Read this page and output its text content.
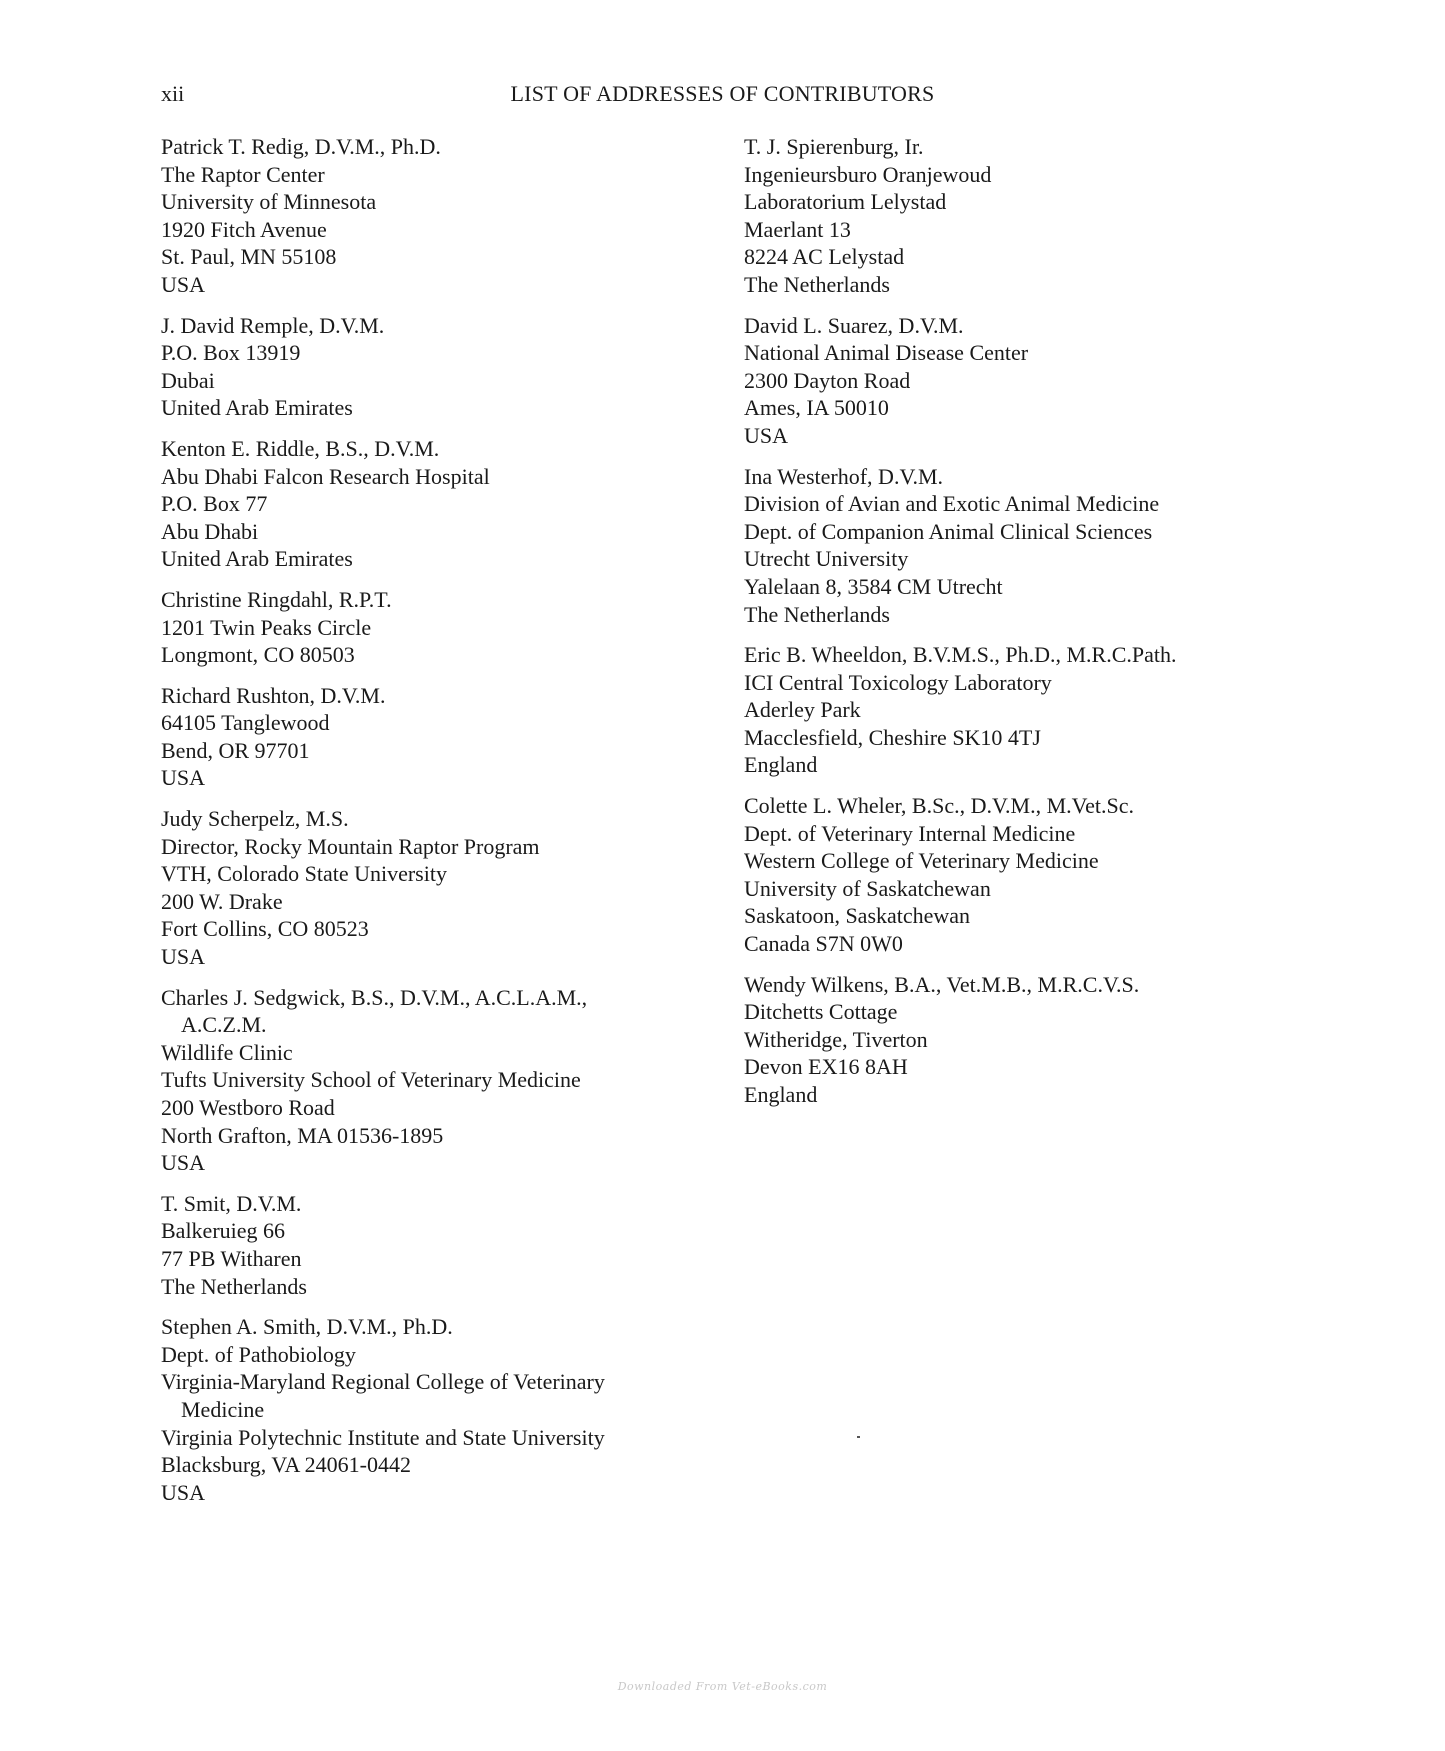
xii	LIST OF ADDRESSES OF CONTRIBUTORS
Patrick T. Redig, D.V.M., Ph.D.
The Raptor Center
University of Minnesota
1920 Fitch Avenue
St. Paul, MN 55108
USA
J. David Remple, D.V.M.
P.O. Box 13919
Dubai
United Arab Emirates
Kenton E. Riddle, B.S., D.V.M.
Abu Dhabi Falcon Research Hospital
P.O. Box 77
Abu Dhabi
United Arab Emirates
Christine Ringdahl, R.P.T.
1201 Twin Peaks Circle
Longmont, CO 80503
Richard Rushton, D.V.M.
64105 Tanglewood
Bend, OR 97701
USA
Judy Scherpelz, M.S.
Director, Rocky Mountain Raptor Program
VTH, Colorado State University
200 W. Drake
Fort Collins, CO 80523
USA
Charles J. Sedgwick, B.S., D.V.M., A.C.L.A.M.,
A.C.Z.M.
Wildlife Clinic
Tufts University School of Veterinary Medicine
200 Westboro Road
North Grafton, MA 01536-1895
USA
T. Smit, D.V.M.
Balkeruieg 66
77 PB Witharen
The Netherlands
Stephen A. Smith, D.V.M., Ph.D.
Dept. of Pathobiology
Virginia-Maryland Regional College of Veterinary
Medicine
Virginia Polytechnic Institute and State University
Blacksburg, VA 24061-0442
USA
T. J. Spierenburg, Ir.
Ingenieursburo Oranjewoud
Laboratorium Lelystad
Maerlant 13
8224 AC Lelystad
The Netherlands
David L. Suarez, D.V.M.
National Animal Disease Center
2300 Dayton Road
Ames, IA 50010
USA
Ina Westerhof, D.V.M.
Division of Avian and Exotic Animal Medicine
Dept. of Companion Animal Clinical Sciences
Utrecht University
Yalelaan 8, 3584 CM Utrecht
The Netherlands
Eric B. Wheeldon, B.V.M.S., Ph.D., M.R.C.Path.
ICI Central Toxicology Laboratory
Aderley Park
Macclesfield, Cheshire SK10 4TJ
England
Colette L. Wheler, B.Sc., D.V.M., M.Vet.Sc.
Dept. of Veterinary Internal Medicine
Western College of Veterinary Medicine
University of Saskatchewan
Saskatoon, Saskatchewan
Canada S7N 0W0
Wendy Wilkens, B.A., Vet.M.B., M.R.C.V.S.
Ditchetts Cottage
Witheridge, Tiverton
Devon EX16 8AH
England
Downloaded From Vet-eBooks.com
